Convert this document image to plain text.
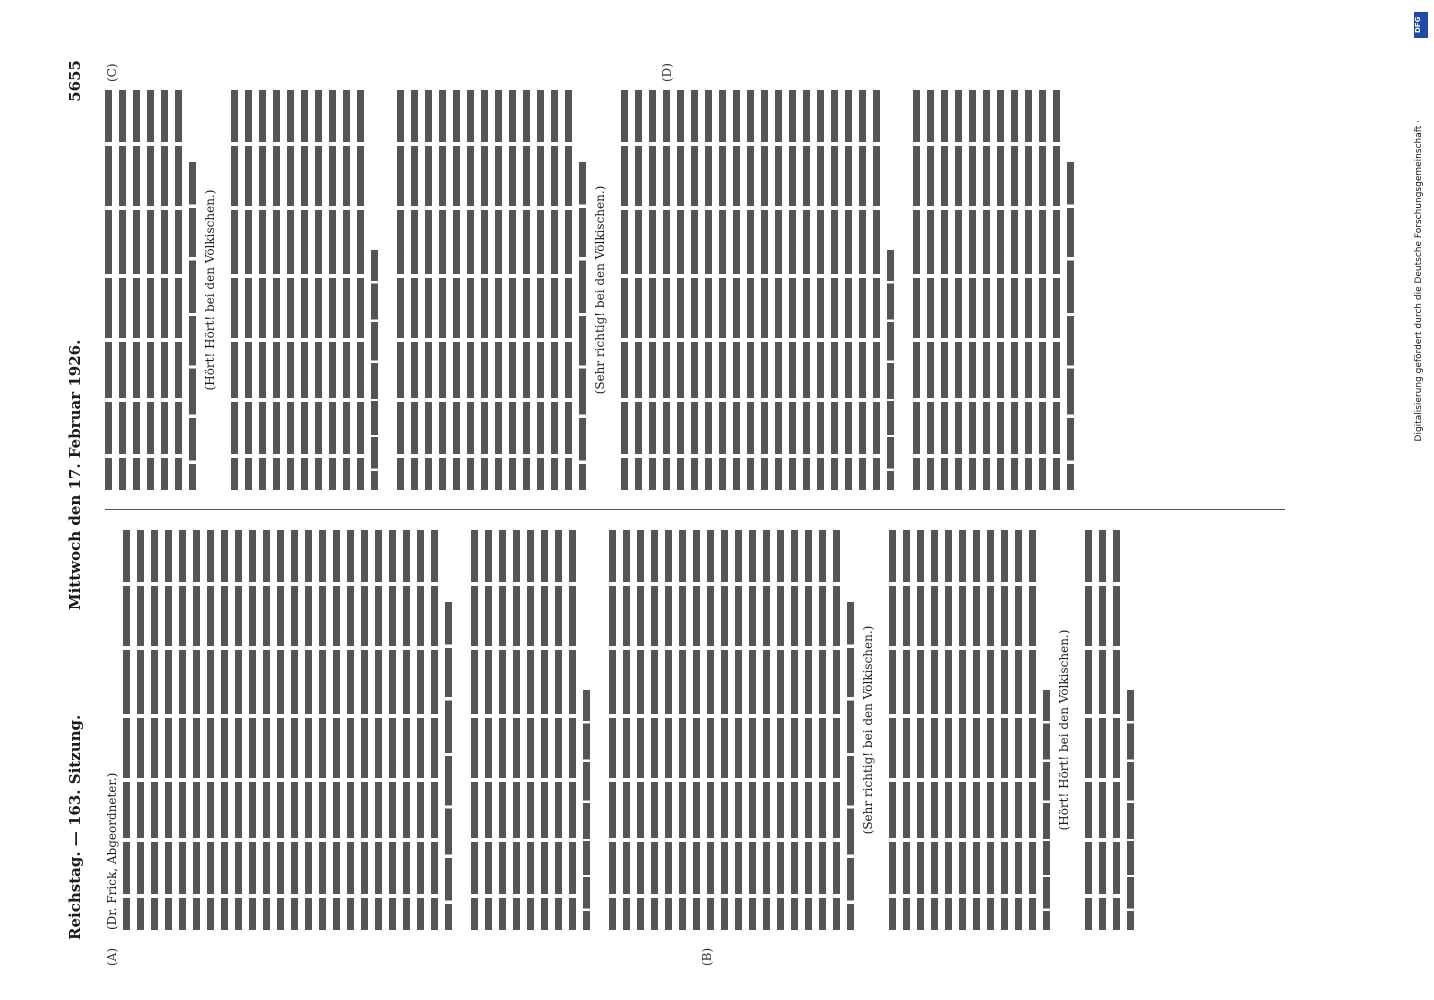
Reichstag. — 163. Sitzung.
Mittwoch den 17. Februar 1926.
5655
(A)	(B)
(C)	(D)
(Dr. Frick, Abgeordneter.)
(Sehr richtig! bei den Völkischen.)	(Hört! Hört! bei den Völkischen.)
(Hört! Hört! bei den Völkischen.)	(Sehr richtig! bei den Völkischen.)
DFG
Digitalisierung gefördert durch die Deutsche Forschungsgemeinschaft ·
